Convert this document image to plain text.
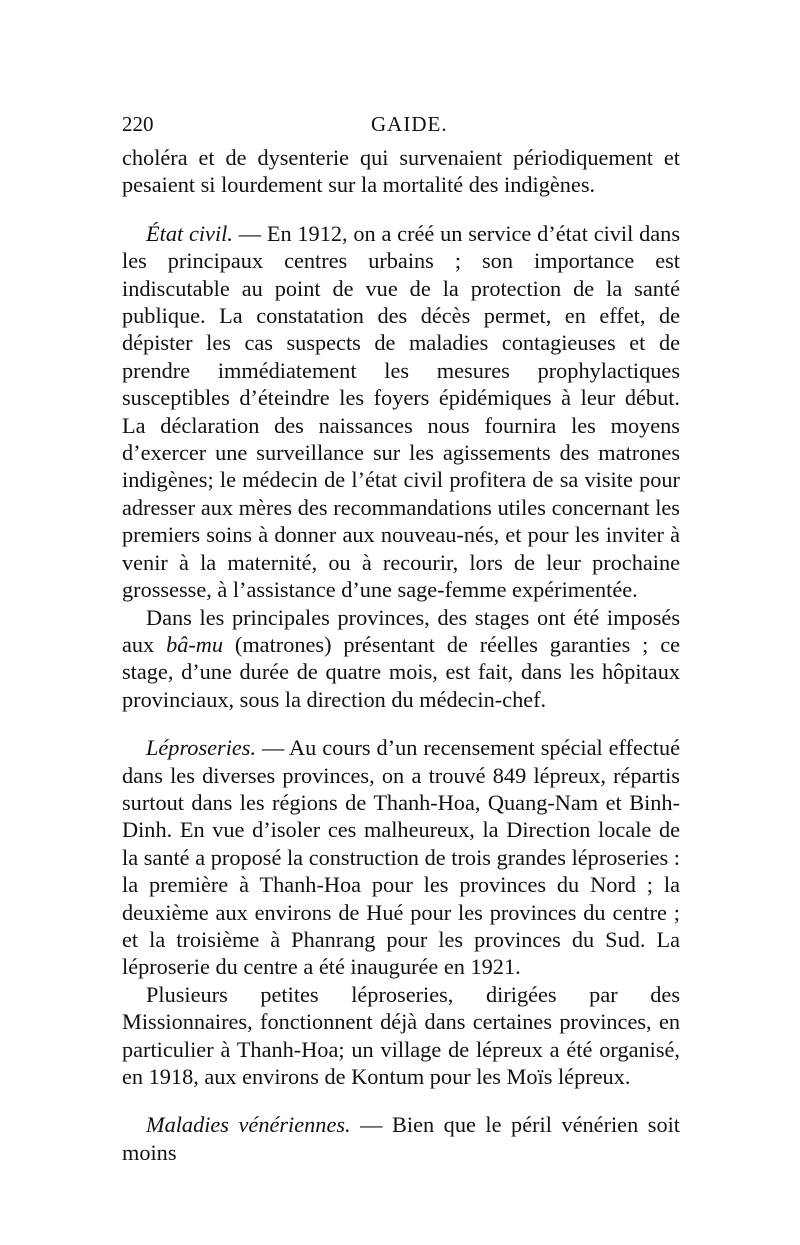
220	GAIDE.

choléra et de dysenterie qui survenaient périodiquement et pesaient si lourdement sur la mortalité des indigènes.

État civil. — En 1912, on a créé un service d’état civil dans les principaux centres urbains ; son importance est indiscutable au point de vue de la protection de la santé publique. La constatation des décès permet, en effet, de dépister les cas suspects de maladies contagieuses et de prendre immédiatement les mesures prophylactiques susceptibles d’éteindre les foyers épidémiques à leur début. La déclaration des naissances nous fournira les moyens d’exercer une surveillance sur les agissements des matrones indigènes; le médecin de l’état civil profitera de sa visite pour adresser aux mères des recommandations utiles concernant les premiers soins à donner aux nouveau-nés, et pour les inviter à venir à la maternité, ou à recourir, lors de leur prochaine grossesse, à l’assistance d’une sage-femme expérimentée.

Dans les principales provinces, des stages ont été imposés aux bâ-mu (matrones) présentant de réelles garanties ; ce stage, d’une durée de quatre mois, est fait, dans les hôpitaux provinciaux, sous la direction du médecin-chef.

Léproseries. — Au cours d’un recensement spécial effectué dans les diverses provinces, on a trouvé 849 lépreux, répartis surtout dans les régions de Thanh-Hoa, Quang-Nam et Binh-Dinh. En vue d’isoler ces malheureux, la Direction locale de la santé a proposé la construction de trois grandes léproseries : la première à Thanh-Hoa pour les provinces du Nord ; la deuxième aux environs de Hué pour les provinces du centre ; et la troisième à Phanrang pour les provinces du Sud. La léproserie du centre a été inaugurée en 1921.

Plusieurs petites léproseries, dirigées par des Missionnaires, fonctionnent déjà dans certaines provinces, en particulier à Thanh-Hoa; un village de lépreux a été organisé, en 1918, aux environs de Kontum pour les Moïs lépreux.

Maladies vénériennes. — Bien que le péril vénérien soit moins
